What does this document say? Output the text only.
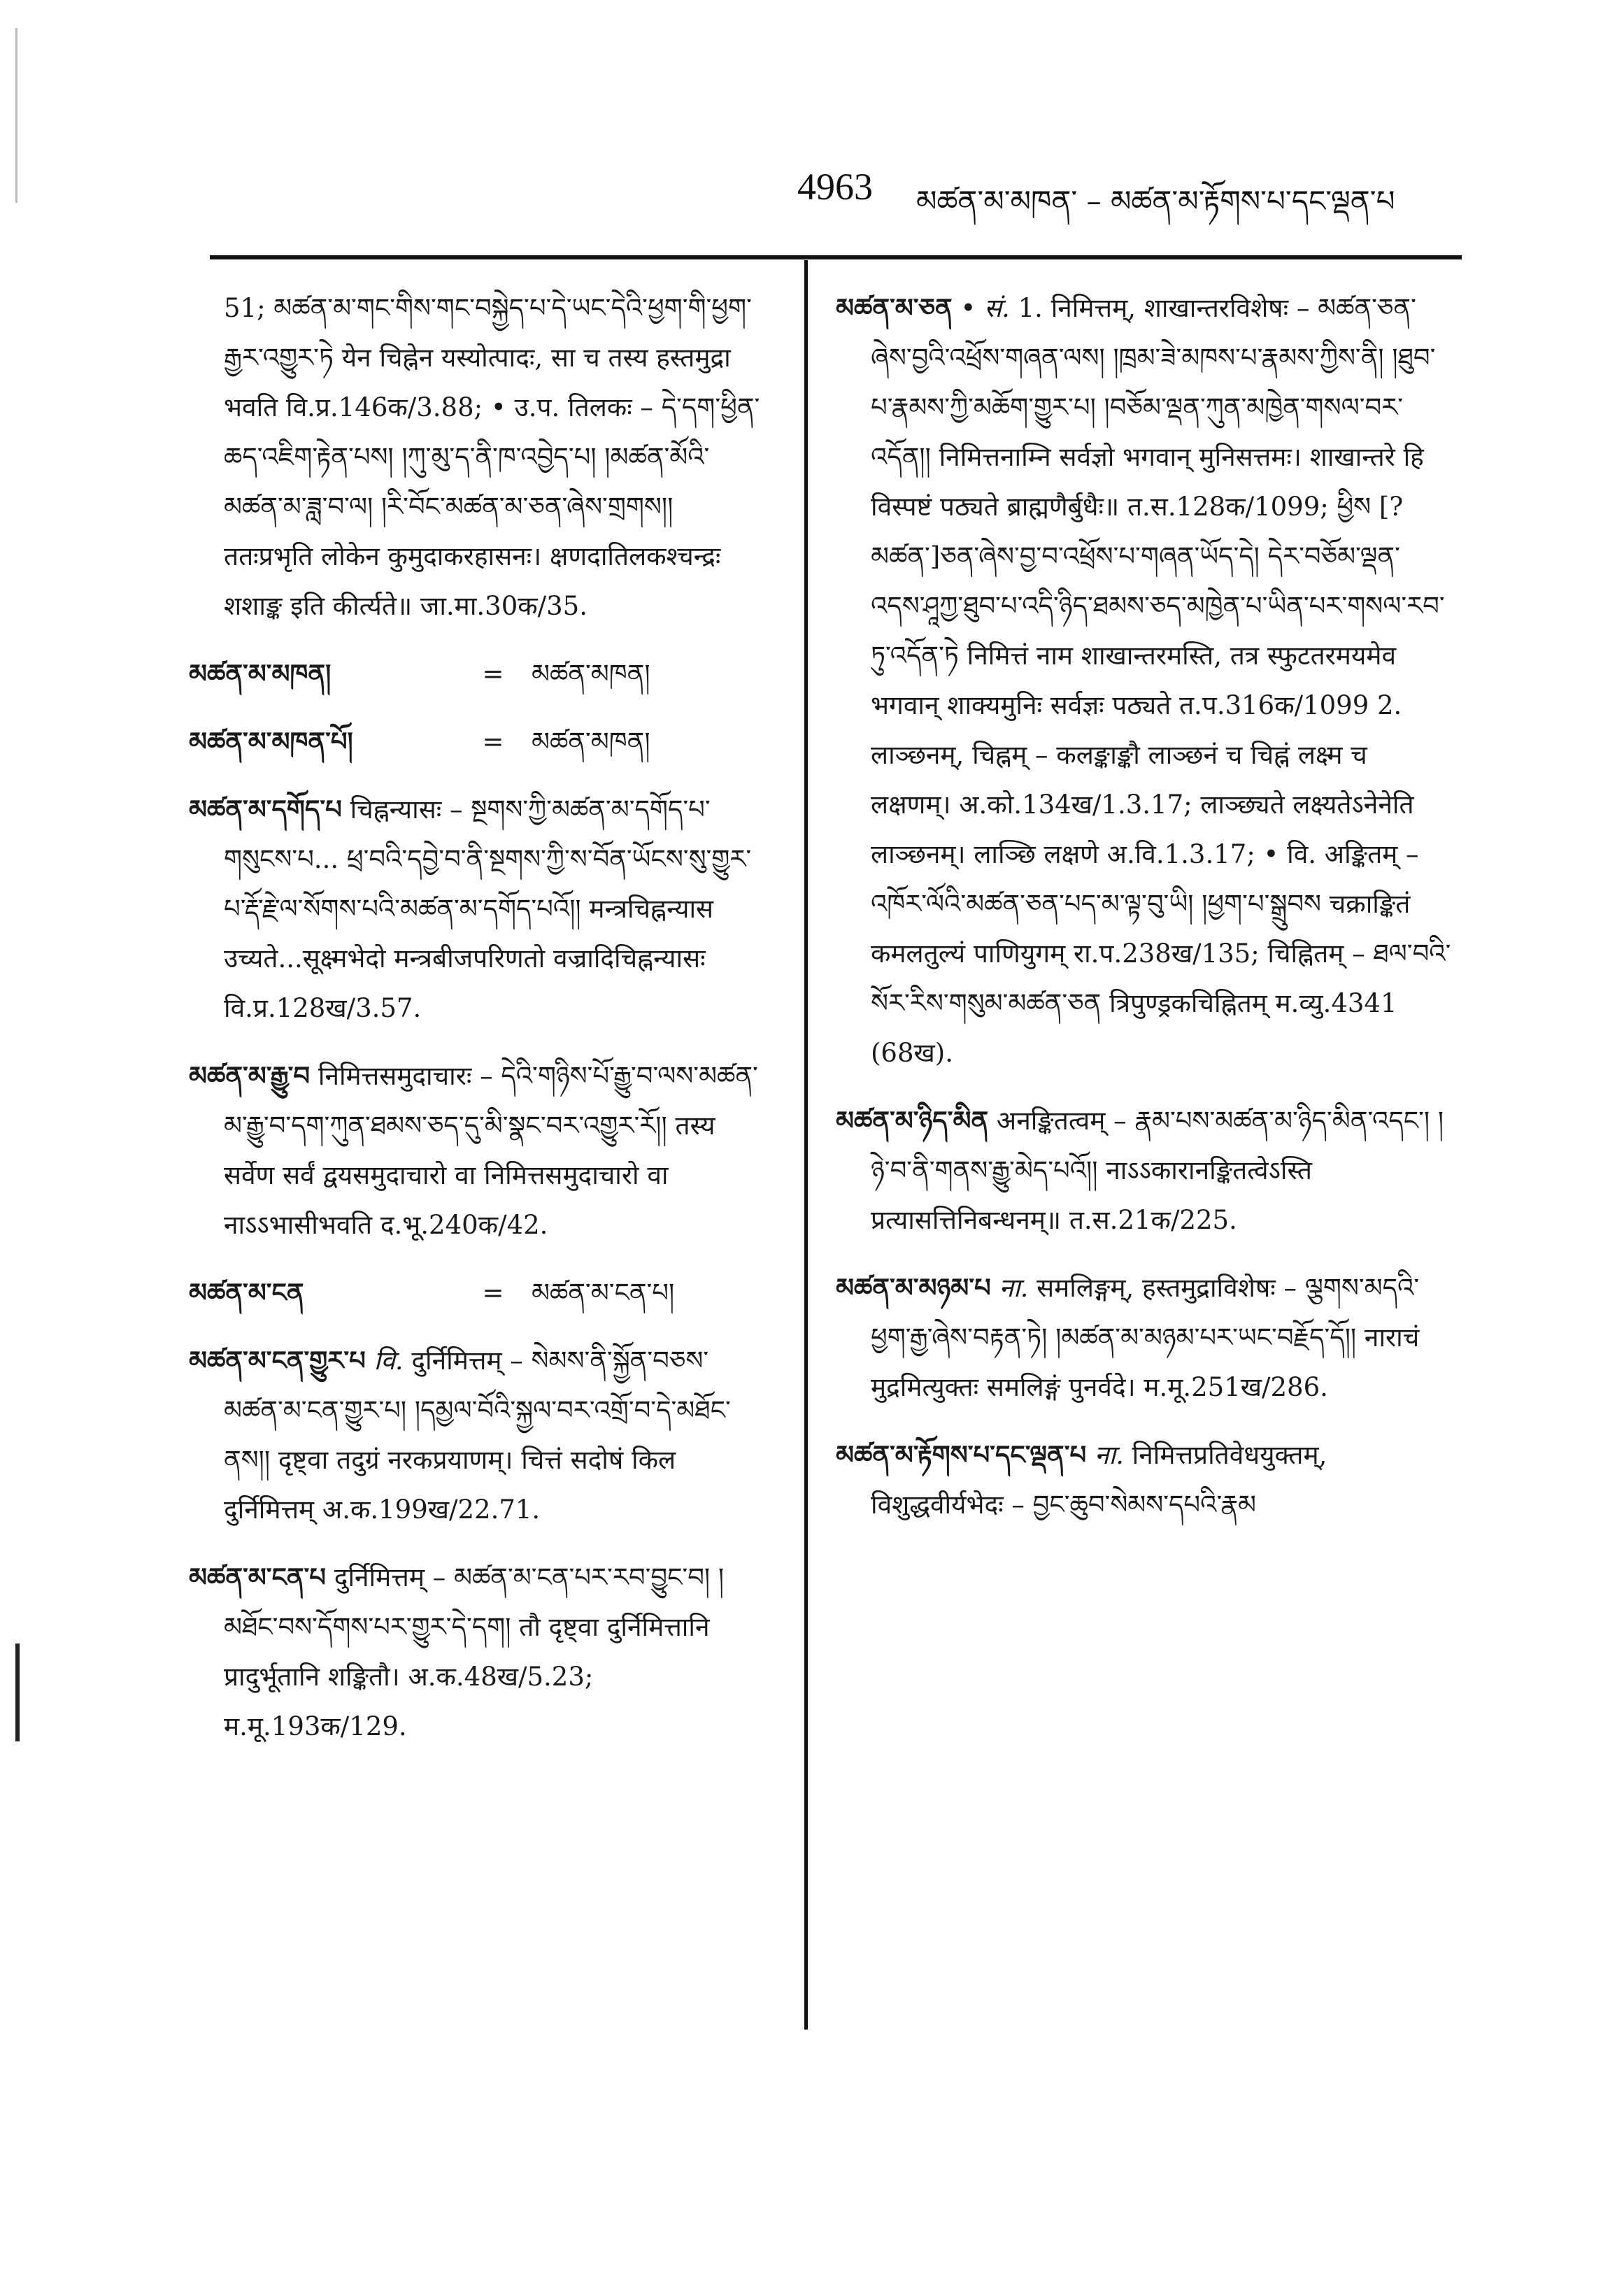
4963 མཚན་མ་མཁན་ – མཚན་མ་རྟོགས་པ་དང་ལྡན་པ

51; མཚན་མ་གང་གིས་གང་བསྐྱེད་པ་དེ་ཡང་དེའི་ཕྱག་གི་ཕྱག་རྒྱར་འགྱུར་ཏེ येन चिह्नेन यस्योत्पादः, सा च तस्य हस्तमुद्रा भवति वि.प्र.146क/3.88; • उ.प. तिलकः – དེ་དག་ཕྱིན་ཆད་འཇིག་རྟེན་པས། །ཀུ་མུ་ད་ནི་ཁ་འབྱེད་པ། །མཚན་མོའི་མཚན་མ་ཟླ་བ་ལ། །རི་བོང་མཚན་མ་ཅན་ཞེས་གྲགས།། ततःप्रभृति लोकेन कुमुदाकरहासनः। क्षणदातिलकश्चन्द्रः शशाङ्क इति कीर्त्यते॥ जा.मा.30क/35.

མཚན་མ་མཁན།	=	མཚན་མཁན།
མཚན་མ་མཁན་པོ།	=	མཚན་མཁན།

མཚན་མ་དགོད་པ चिह्नन्यासः – སྔགས་ཀྱི་མཚན་མ་དགོད་པ་གསུངས་པ... ཕྲ་བའི་དབྱེ་བ་ནི་སྔགས་ཀྱི་ས་བོན་ཡོངས་སུ་གྱུར་པ་རྡོ་རྗེ་ལ་སོགས་པའི་མཚན་མ་དགོད་པའོ།། मन्त्रचिह्नन्यास उच्यते...सूक्ष्मभेदो मन्त्रबीजपरिणतो वज्रादिचिह्नन्यासः वि.प्र.128ख/3.57.

མཚན་མ་རྒྱུ་བ निमित्तसमुदाचारः – དེའི་གཉིས་པོ་རྒྱུ་བ་ལས་མཚན་མ་རྒྱུ་བ་དག་ཀུན་ཐམས་ཅད་དུ་མི་སྣང་བར་འགྱུར་རོ།། तस्य सर्वेण सर्वं द्वयसमुदाचारो वा निमित्तसमुदाचारो वा नाऽऽभासीभवति द.भू.240क/42.

མཚན་མ་ངན	=	མཚན་མ་ངན་པ།

མཚན་མ་ངན་གྱུར་པ वि. दुर्निमित्तम् – སེམས་ནི་སྐྱོན་བཅས་མཚན་མ་ངན་གྱུར་པ། །དམྱལ་བོའི་སྐྱལ་བར་འགྲོ་བ་དེ་མཐོང་ནས།། दृष्ट्वा तदुग्रं नरकप्रयाणम्। चित्तं सदोषं किल दुर्निमित्तम् अ.क.199ख/22.71.

མཚན་མ་ངན་པ दुर्निमित्तम् – མཚན་མ་ངན་པར་རབ་བྱུང་བ། །མཐོང་བས་དོགས་པར་གྱུར་དེ་དག། तौ दृष्ट्वा दुर्निमित्तानि प्रादुर्भूतानि शङ्कितौ। अ.क.48ख/5.23; म.मू.193क/129.

མཚན་མ་ཅན • सं. 1. निमित्तम्, शाखान्तरविशेषः – མཚན་ཅན་ཞེས་བྱའི་འཕྲོས་གཞན་ལས། །ཁྲམ་ཟེ་མཁས་པ་རྣམས་ཀྱིས་ནི། །ཐུབ་པ་རྣམས་ཀྱི་མཆོག་གྱུར་པ། །བཅོམ་ལྡན་ཀུན་མཁྱེན་གསལ་བར་འདོན།། निमित्तनाम्नि सर्वज्ञो भगवान् मुनिसत्तमः। शाखान्तरे हि विस्पष्टं पठ्यते ब्राह्मणैर्बुधैः॥ त.स.128क/1099; ཕྱིས [?མཚན་]ཅན་ཞེས་བྱ་བ་འཕྲོས་པ་གཞན་ཡོད་དེ། དེར་བཅོམ་ལྡན་འདས་ཤཱཀྱ་ཐུབ་པ་འདི་ཉིད་ཐམས་ཅད་མཁྱེན་པ་ཡིན་པར་གསལ་རབ་ཏུ་འདོན་ཏེ निमित्तं नाम शाखान्तरमस्ति, तत्र स्फुटतरमयमेव भगवान् शाक्यमुनिः सर्वज्ञः पठ्यते त.प.316क/1099 2. लाञ्छनम्, चिह्नम् – कलङ्काङ्कौ लाञ्छनं च चिह्नं लक्ष्म च लक्षणम्। अ.को.134ख/1.3.17; लाञ्छ्यते लक्ष्यतेऽनेनेति लाञ्छनम्। लाञ्छि लक्षणे अ.वि.1.3.17; • वि. अङ्कितम् – འཁོར་ལོའི་མཚན་ཅན་པད་མ་ལྟ་བུ་ཡི། །ཕྱག་པ་སྒྲུབས चक्राङ्कितं कमलतुल्यं पाणियुगम् रा.प.238ख/135; चिह्नितम् – ཐལ་བའི་སོར་རིས་གསུམ་མཚན་ཅན त्रिपुण्ड्रकचिह्नितम् म.व्यु.4341 (68ख).

མཚན་མ་ཉིད་མིན अनङ्कितत्वम् – རྣམ་པས་མཚན་མ་ཉིད་མིན་འདང་། །ཉེ་བ་ནི་གནས་རྒྱུ་མེད་པའོ།། नाऽऽकारानङ्कितत्वेऽस्ति प्रत्यासत्तिनिबन्धनम्॥ त.स.21क/225.

མཚན་མ་མཉམ་པ ना. समलिङ्गम्, हस्तमुद्राविशेषः – ལྕགས་མདའི་ཕྱག་རྒྱ་ཞེས་བརྟན་ཏེ། །མཚན་མ་མཉམ་པར་ཡང་བརྗོད་དོ།། नाराचं मुद्रमित्युक्तः समलिङ्गं पुनर्वदे। म.मू.251ख/286.

མཚན་མ་རྟོགས་པ་དང་ལྡན་པ ना. निमित्तप्रतिवेधयुक्तम्, विशुद्धवीर्यभेदः – བྱང་ཆུབ་སེམས་དཔའི་རྣམ
